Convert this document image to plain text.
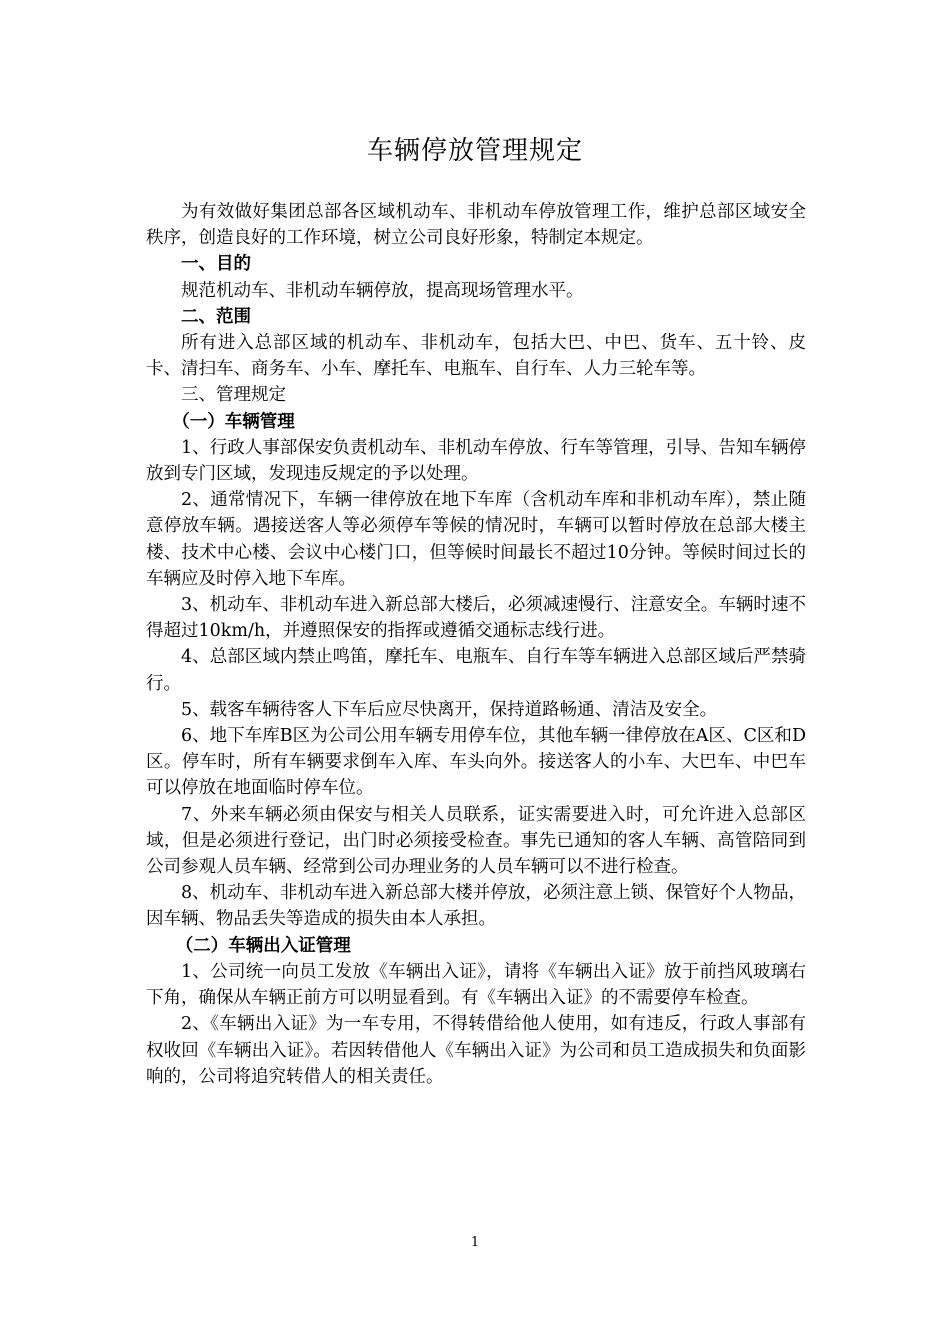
车辆停放管理规定

为有效做好集团总部各区域机动车、非机动车停放管理工作，维护总部区域安全秩序，创造良好的工作环境，树立公司良好形象，特制定本规定。

一、目的

规范机动车、非机动车辆停放，提高现场管理水平。

二、范围

所有进入总部区域的机动车、非机动车，包括大巴、中巴、货车、五十铃、皮卡、清扫车、商务车、小车、摩托车、电瓶车、自行车、人力三轮车等。

三、管理规定

（一）车辆管理

1、行政人事部保安负责机动车、非机动车停放、行车等管理，引导、告知车辆停放到专门区域，发现违反规定的予以处理。

2、通常情况下，车辆一律停放在地下车库（含机动车库和非机动车库），禁止随意停放车辆。遇接送客人等必须停车等候的情况时，车辆可以暂时停放在总部大楼主楼、技术中心楼、会议中心楼门口，但等候时间最长不超过10分钟。等候时间过长的车辆应及时停入地下车库。

3、机动车、非机动车进入新总部大楼后，必须减速慢行、注意安全。车辆时速不得超过10km/h，并遵照保安的指挥或遵循交通标志线行进。

4、总部区域内禁止鸣笛，摩托车、电瓶车、自行车等车辆进入总部区域后严禁骑行。

5、载客车辆待客人下车后应尽快离开，保持道路畅通、清洁及安全。

6、地下车库B区为公司公用车辆专用停车位，其他车辆一律停放在A区、C区和D区。停车时，所有车辆要求倒车入库、车头向外。接送客人的小车、大巴车、中巴车可以停放在地面临时停车位。

7、外来车辆必须由保安与相关人员联系，证实需要进入时，可允许进入总部区域，但是必须进行登记，出门时必须接受检查。事先已通知的客人车辆、高管陪同到公司参观人员车辆、经常到公司办理业务的人员车辆可以不进行检查。

8、机动车、非机动车进入新总部大楼并停放，必须注意上锁、保管好个人物品，因车辆、物品丢失等造成的损失由本人承担。

（二）车辆出入证管理

1、公司统一向员工发放《车辆出入证》，请将《车辆出入证》放于前挡风玻璃右下角，确保从车辆正前方可以明显看到。有《车辆出入证》的不需要停车检查。

2、《车辆出入证》为一车专用，不得转借给他人使用，如有违反，行政人事部有权收回《车辆出入证》。若因转借他人《车辆出入证》为公司和员工造成损失和负面影响的，公司将追究转借人的相关责任。

1
